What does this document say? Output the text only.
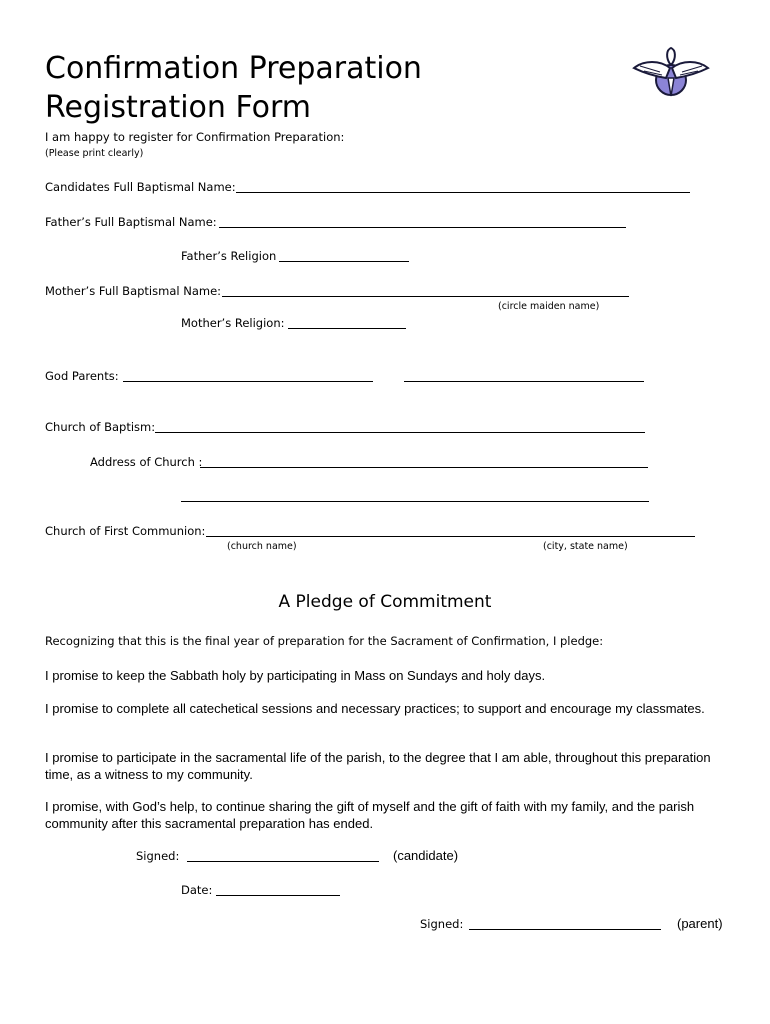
Confirmation Preparation
Registration Form
I am happy to register for Confirmation Preparation:
(Please print clearly)
Candidates Full Baptismal Name:
Father’s Full Baptismal Name:
Father’s Religion
Mother’s Full Baptismal Name:
(circle maiden name)
Mother’s Religion:
God Parents:
Church of Baptism:
Address of Church :
Church of First Communion:
(church name)	(city, state name)
A Pledge of Commitment
Recognizing that this is the final year of preparation for the Sacrament of Confirmation, I pledge:
I promise to keep the Sabbath holy by participating in Mass on Sundays and holy days.
I promise to complete all catechetical sessions and necessary practices; to support and encourage my classmates.
I promise to participate in the sacramental life of the parish, to the degree that I am able, throughout this preparation time, as a witness to my community.
I promise, with God’s help, to continue sharing the gift of myself and the gift of faith with my family, and the parish community after this sacramental preparation has ended.
Signed:	(candidate)
Date:
Signed:	(parent)
